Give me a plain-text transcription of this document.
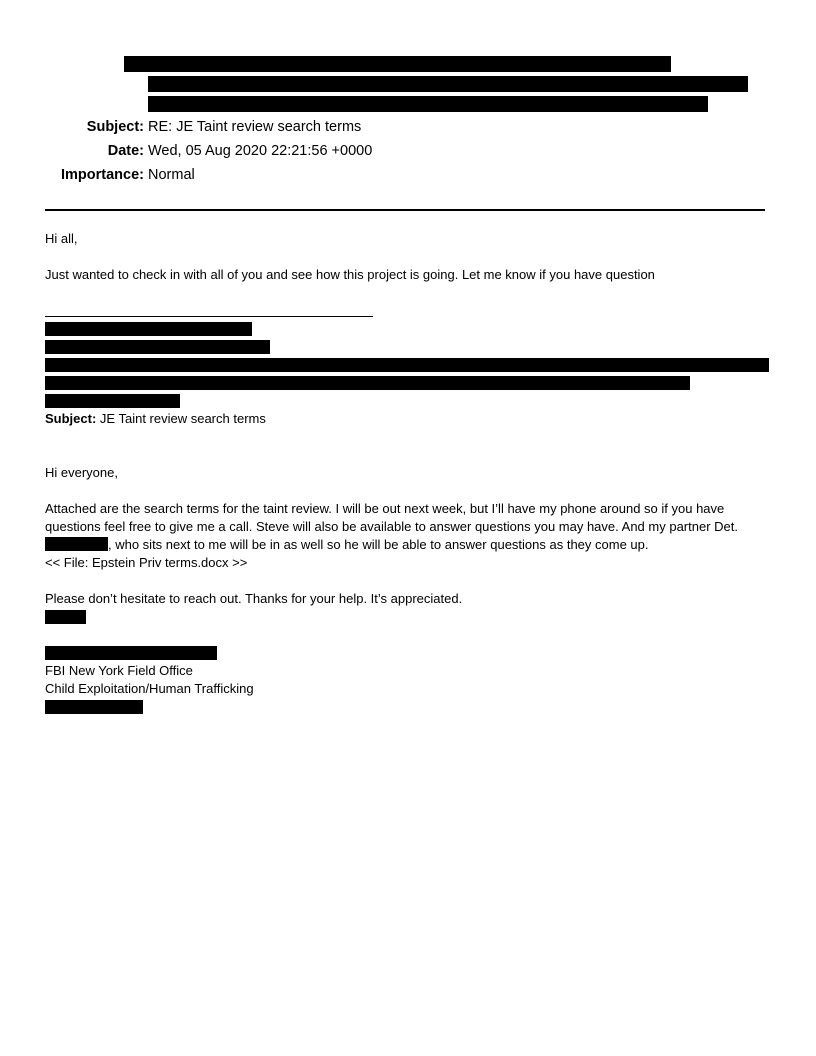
Subject: RE: JE Taint review search terms
Date: Wed, 05 Aug 2020 22:21:56 +0000
Importance: Normal
Hi all,
Just wanted to check in with all of you and see how this project is going. Let me know if you have question
Subject: JE Taint review search terms
Hi everyone,
Attached are the search terms for the taint review. I will be out next week, but I’ll have my phone around so if you have
questions feel free to give me a call. Steve will also be available to answer questions you may have. And my partner Det.
, who sits next to me will be in as well so he will be able to answer questions as they come up.
<< File: Epstein Priv terms.docx >>
Please don’t hesitate to reach out. Thanks for your help. It’s appreciated.
FBI New York Field Office
Child Exploitation/Human Trafficking
